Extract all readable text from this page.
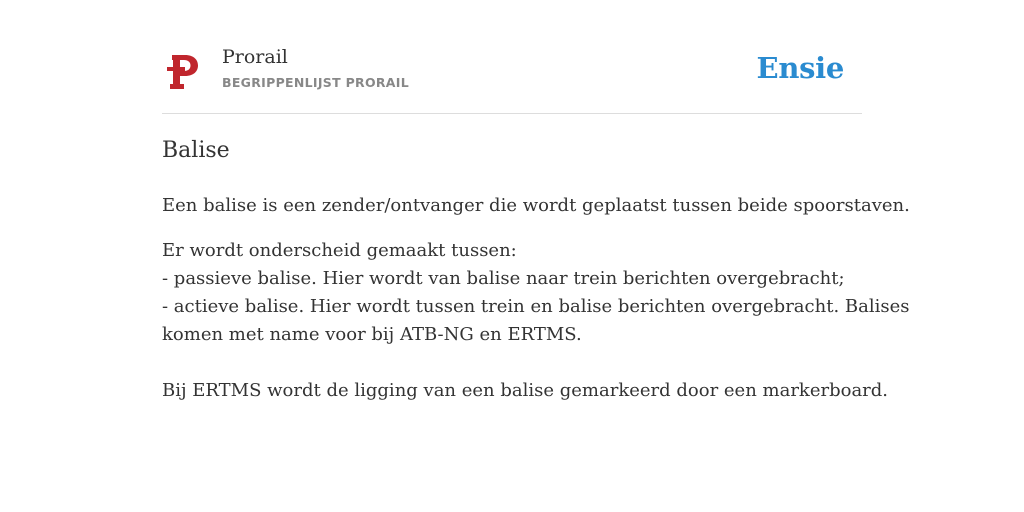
Prorail
BEGRIPPENLIJST PRORAIL	Ensie
Balise

Een balise is een zender/ontvanger die wordt geplaatst tussen beide spoorstaven.

Er wordt onderscheid gemaakt tussen:
- passieve balise. Hier wordt van balise naar trein berichten overgebracht;
- actieve balise. Hier wordt tussen trein en balise berichten overgebracht. Balises
komen met name voor bij ATB-NG en ERTMS.
Bij ERTMS wordt de ligging van een balise gemarkeerd door een markerboard.
